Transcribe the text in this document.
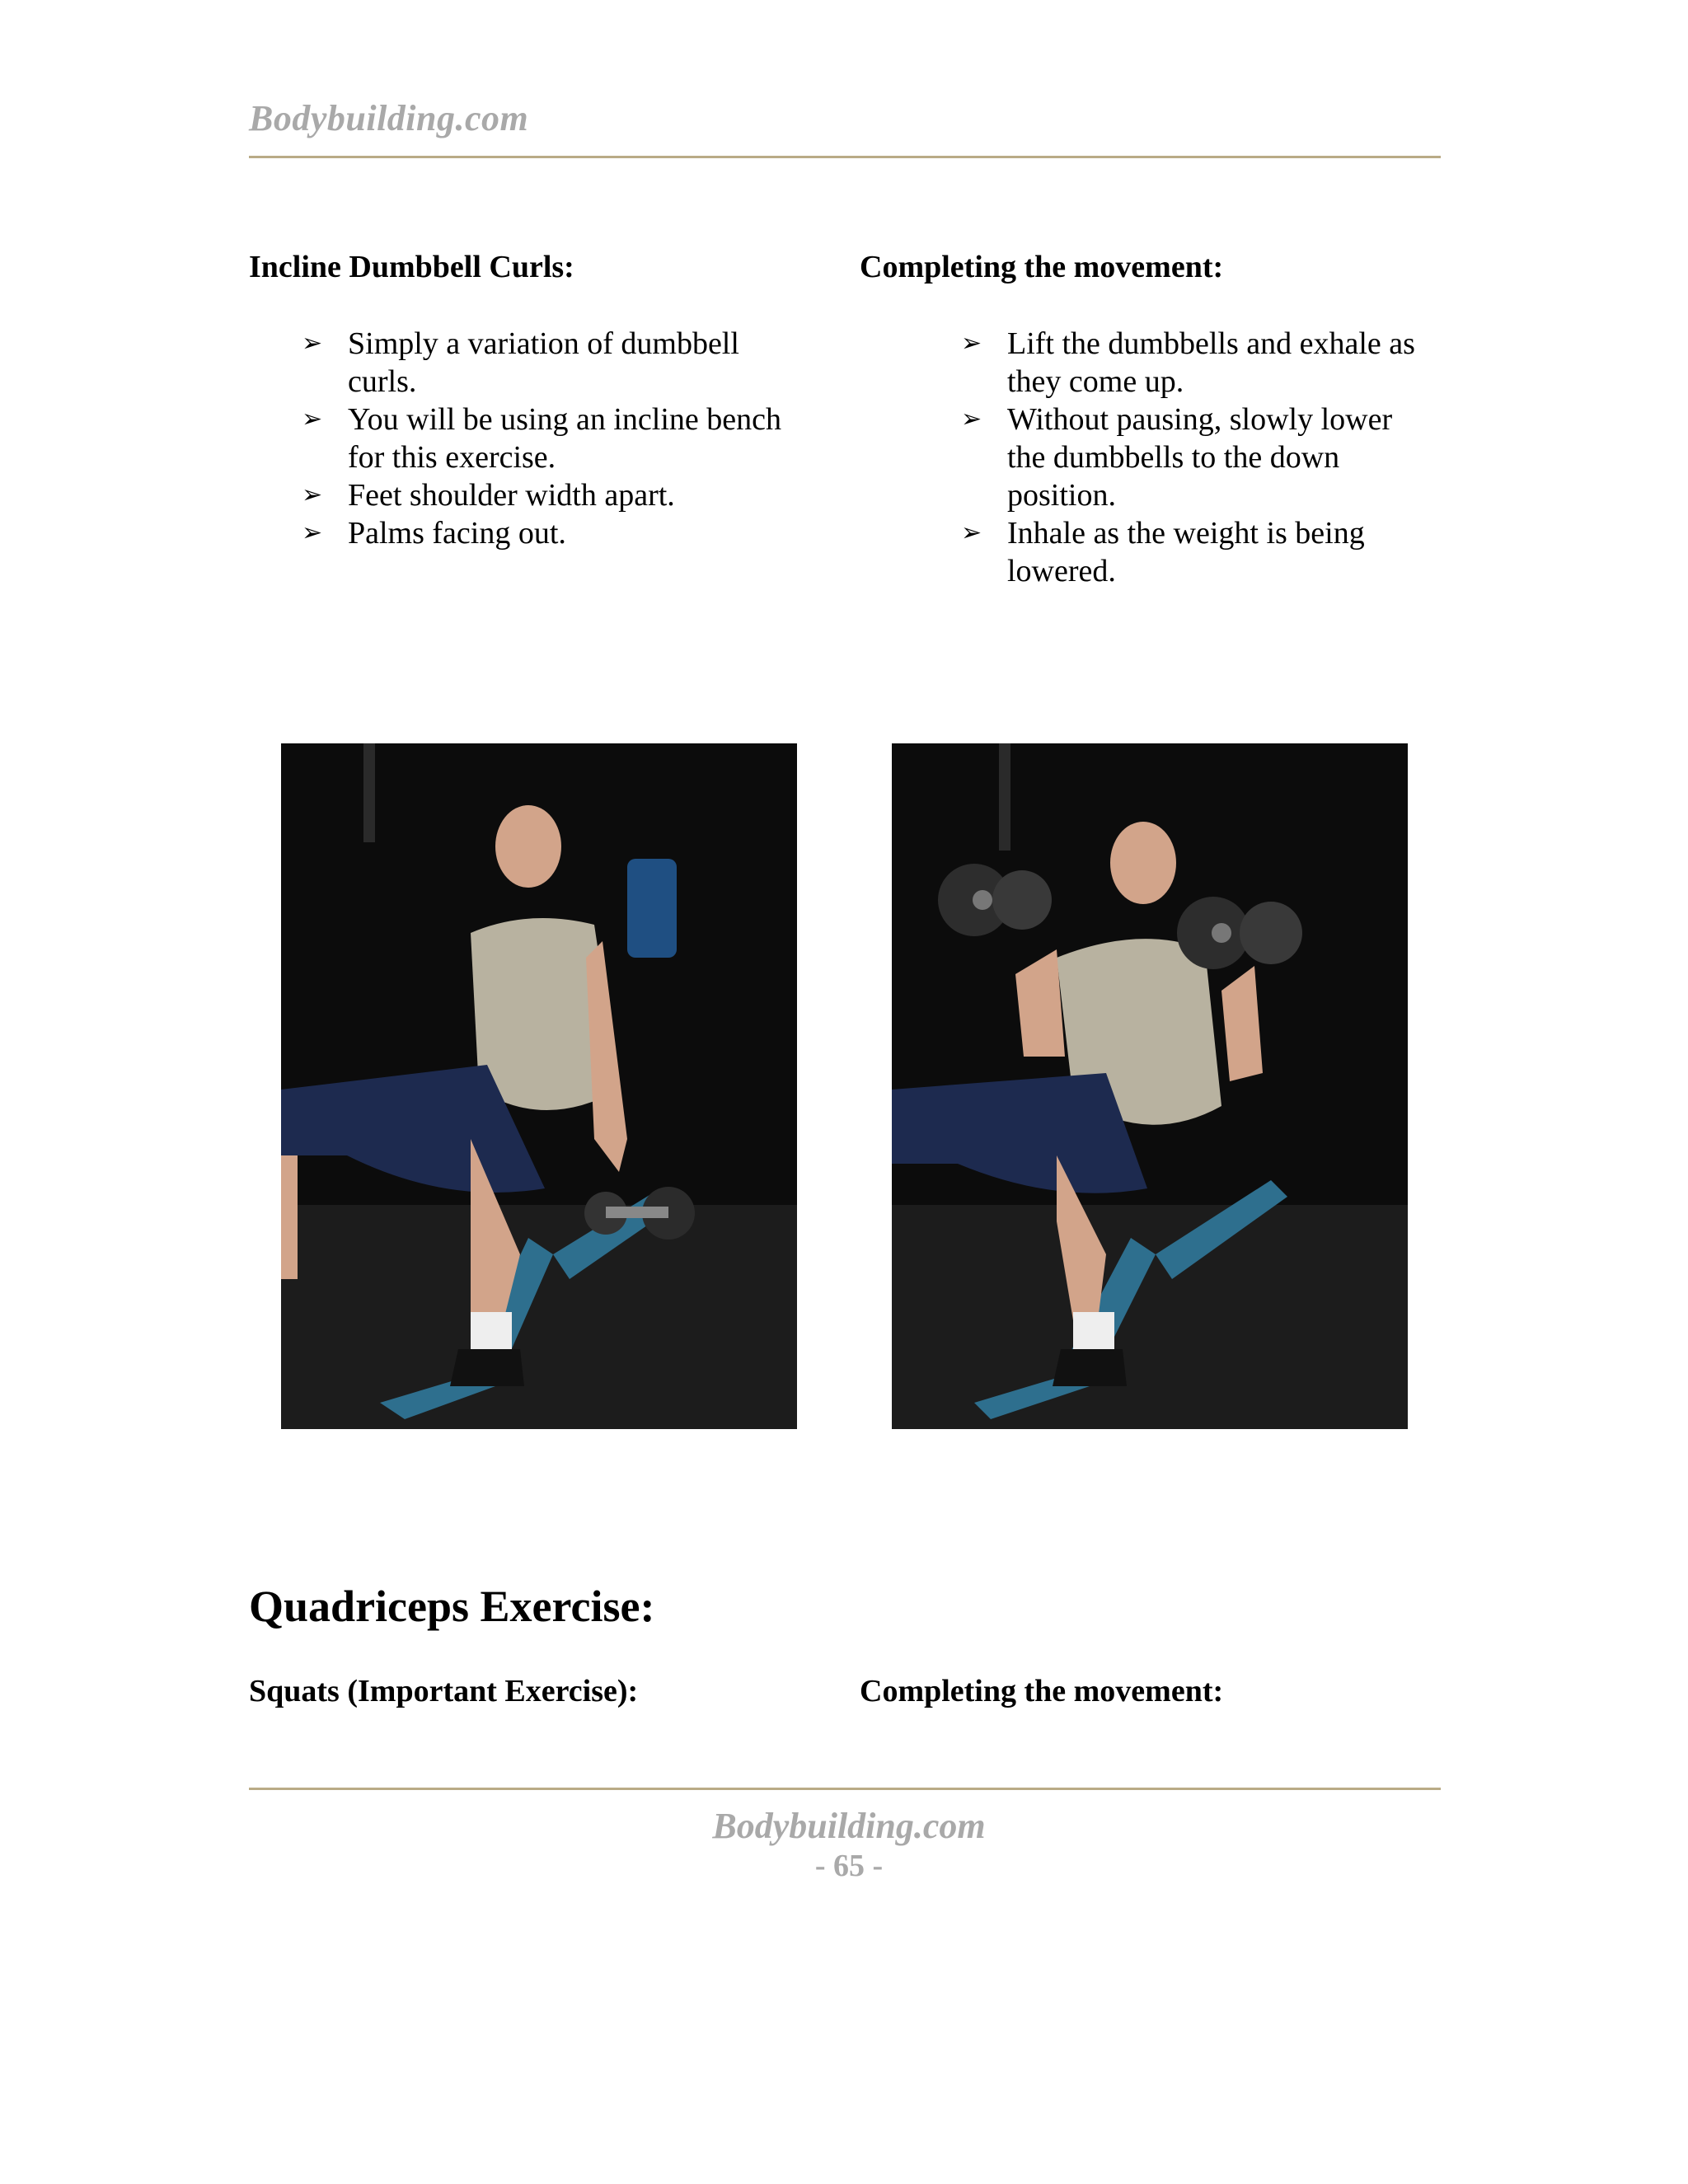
Bodybuilding.com
Incline Dumbbell Curls:	Completing the movement:
➢ Simply a variation of dumbbell
curls.
➢ You will be using an incline bench
for this exercise.
➢ Feet shoulder width apart.
➢ Palms facing out.
➢ Lift the dumbbells and exhale as
they come up.
➢ Without pausing, slowly lower
the dumbbells to the down
position.
➢ Inhale as the weight is being
lowered.
Quadriceps Exercise:
Squats (Important Exercise):	Completing the movement:
Bodybuilding.com
- 65 -
